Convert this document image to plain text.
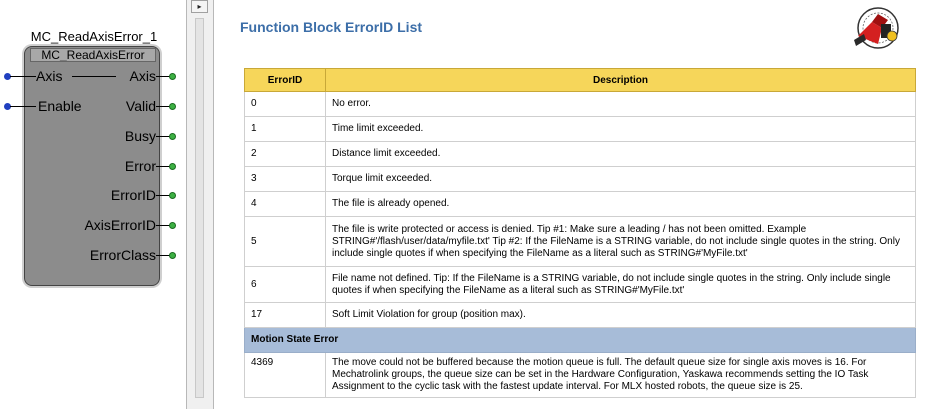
MC_ReadAxisError_1
MC_ReadAxisError
Axis
Enable
Axis
Valid
Busy
Error
ErrorID
AxisErrorID
ErrorClass
▸
Function Block ErrorID List
ErrorID	Description
0	No error.
1	Time limit exceeded.
2	Distance limit exceeded.
3	Torque limit exceeded.
4	The file is already opened.
5	The file is write protected or access is denied. Tip #1: Make sure a leading / has not been omitted. Example STRING#'/flash/user/data/myfile.txt' Tip #2: If the FileName is a STRING variable, do not include single quotes in the string. Only include single quotes if when specifying the FileName as a literal such as STRING#'MyFile.txt'
6	File name not defined. Tip: If the FileName is a STRING variable, do not include single quotes in the string. Only include single quotes if when specifying the FileName as a literal such as STRING#'MyFile.txt'
17	Soft Limit Violation for group (position max).
Motion State Error	
4369	The move could not be buffered because the motion queue is full. The default queue size for single axis moves is 16. For Mechatrolink groups, the queue size can be set in the Hardware Configuration, Yaskawa recommends setting the IO Task Assignment to the cyclic task with the fastest update interval. For MLX hosted robots, the queue size is 25.
